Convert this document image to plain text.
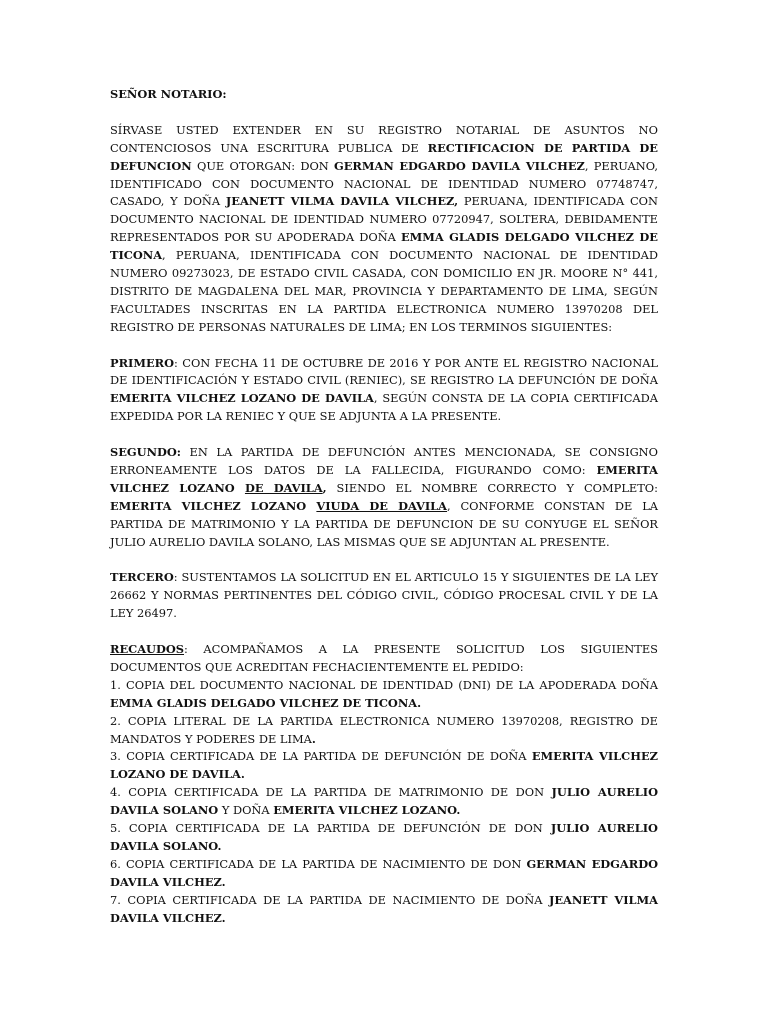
SEÑOR NOTARIO:

SÍRVASE USTED EXTENDER EN SU REGISTRO NOTARIAL DE ASUNTOS NO CONTENCIOSOS UNA ESCRITURA PUBLICA DE RECTIFICACION DE PARTIDA DE DEFUNCION QUE OTORGAN: DON GERMAN EDGARDO DAVILA VILCHEZ, PERUANO, IDENTIFICADO CON DOCUMENTO NACIONAL DE IDENTIDAD NUMERO 07748747, CASADO, Y DOÑA JEANETT VILMA DAVILA VILCHEZ, PERUANA, IDENTIFICADA CON DOCUMENTO NACIONAL DE IDENTIDAD NUMERO 07720947, SOLTERA, DEBIDAMENTE REPRESENTADOS POR SU APODERADA DOÑA EMMA GLADIS DELGADO VILCHEZ DE TICONA, PERUANA, IDENTIFICADA CON DOCUMENTO NACIONAL DE IDENTIDAD NUMERO 09273023, DE ESTADO CIVIL CASADA, CON DOMICILIO EN JR. MOORE N° 441, DISTRITO DE MAGDALENA DEL MAR, PROVINCIA Y DEPARTAMENTO DE LIMA, SEGÚN FACULTADES INSCRITAS EN LA PARTIDA ELECTRONICA NUMERO 13970208 DEL REGISTRO DE PERSONAS NATURALES DE LIMA; EN LOS TERMINOS SIGUIENTES:

PRIMERO: CON FECHA 11 DE OCTUBRE DE 2016 Y POR ANTE EL REGISTRO NACIONAL DE IDENTIFICACIÓN Y ESTADO CIVIL (RENIEC), SE REGISTRO LA DEFUNCIÓN DE DOÑA EMERITA VILCHEZ LOZANO DE DAVILA, SEGÚN CONSTA DE LA COPIA CERTIFICADA EXPEDIDA POR LA RENIEC Y QUE SE ADJUNTA A LA PRESENTE.

SEGUNDO: EN LA PARTIDA DE DEFUNCIÓN ANTES MENCIONADA, SE CONSIGNO ERRONEAMENTE LOS DATOS DE LA FALLECIDA, FIGURANDO COMO: EMERITA VILCHEZ LOZANO DE DAVILA, SIENDO EL NOMBRE CORRECTO Y COMPLETO: EMERITA VILCHEZ LOZANO VIUDA DE DAVILA, CONFORME CONSTAN DE LA PARTIDA DE MATRIMONIO Y LA PARTIDA DE DEFUNCION DE SU CONYUGE EL SEÑOR JULIO AURELIO DAVILA SOLANO, LAS MISMAS QUE SE ADJUNTAN AL PRESENTE.

TERCERO: SUSTENTAMOS LA SOLICITUD EN EL ARTICULO 15 Y SIGUIENTES DE LA LEY 26662 Y NORMAS PERTINENTES DEL CÓDIGO CIVIL, CÓDIGO PROCESAL CIVIL Y DE LA LEY 26497.

RECAUDOS: ACOMPAÑAMOS A LA PRESENTE SOLICITUD LOS SIGUIENTES DOCUMENTOS QUE ACREDITAN FECHACIENTEMENTE EL PEDIDO:

1. COPIA DEL DOCUMENTO NACIONAL DE IDENTIDAD (DNI) DE LA APODERADA DOÑA EMMA GLADIS DELGADO VILCHEZ DE TICONA.
2. COPIA LITERAL DE LA PARTIDA ELECTRONICA NUMERO 13970208, REGISTRO DE MANDATOS Y PODERES DE LIMA.
3. COPIA CERTIFICADA DE LA PARTIDA DE DEFUNCIÓN DE DOÑA EMERITA VILCHEZ LOZANO DE DAVILA.
4. COPIA CERTIFICADA DE LA PARTIDA DE MATRIMONIO DE DON JULIO AURELIO DAVILA SOLANO Y DOÑA EMERITA VILCHEZ LOZANO.
5. COPIA CERTIFICADA DE LA PARTIDA DE DEFUNCIÓN DE DON JULIO AURELIO DAVILA SOLANO.
6. COPIA CERTIFICADA DE LA PARTIDA DE NACIMIENTO DE DON GERMAN EDGARDO DAVILA VILCHEZ.
7. COPIA CERTIFICADA DE LA PARTIDA DE NACIMIENTO DE DOÑA JEANETT VILMA DAVILA VILCHEZ.
